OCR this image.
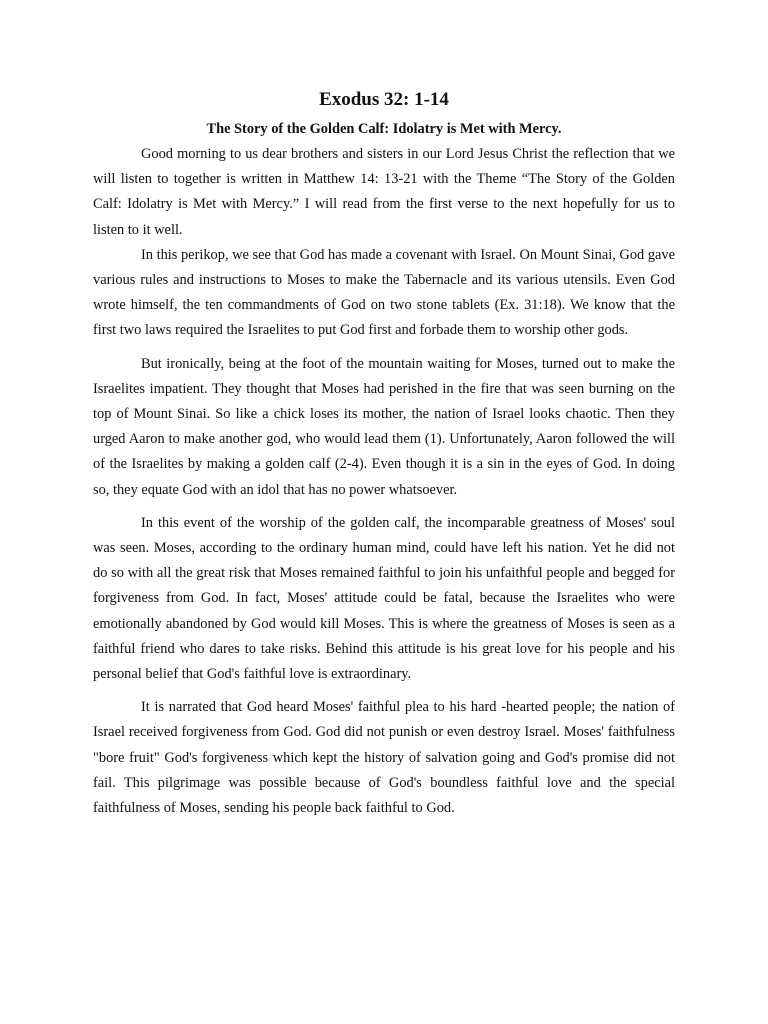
Exodus 32: 1-14
The Story of the Golden Calf: Idolatry is Met with Mercy.

Good morning to us dear brothers and sisters in our Lord Jesus Christ the reflection that we will listen to together is written in Matthew 14: 13-21 with the Theme “The Story of the Golden Calf: Idolatry is Met with Mercy.” I will read from the first verse to the next hopefully for us to listen to it well.

In this perikop, we see that God has made a covenant with Israel. On Mount Sinai, God gave various rules and instructions to Moses to make the Tabernacle and its various utensils. Even God wrote himself, the ten commandments of God on two stone tablets (Ex. 31:18). We know that the first two laws required the Israelites to put God first and forbade them to worship other gods.

But ironically, being at the foot of the mountain waiting for Moses, turned out to make the Israelites impatient. They thought that Moses had perished in the fire that was seen burning on the top of Mount Sinai. So like a chick loses its mother, the nation of Israel looks chaotic. Then they urged Aaron to make another god, who would lead them (1). Unfortunately, Aaron followed the will of the Israelites by making a golden calf (2-4). Even though it is a sin in the eyes of God. In doing so, they equate God with an idol that has no power whatsoever.

In this event of the worship of the golden calf, the incomparable greatness of Moses' soul was seen. Moses, according to the ordinary human mind, could have left his nation. Yet he did not do so with all the great risk that Moses remained faithful to join his unfaithful people and begged for forgiveness from God. In fact, Moses' attitude could be fatal, because the Israelites who were emotionally abandoned by God would kill Moses. This is where the greatness of Moses is seen as a faithful friend who dares to take risks. Behind this attitude is his great love for his people and his personal belief that God's faithful love is extraordinary.

It is narrated that God heard Moses' faithful plea to his hard -hearted people; the nation of Israel received forgiveness from God. God did not punish or even destroy Israel. Moses' faithfulness "bore fruit" God's forgiveness which kept the history of salvation going and God's promise did not fail. This pilgrimage was possible because of God's boundless faithful love and the special faithfulness of Moses, sending his people back faithful to God.
